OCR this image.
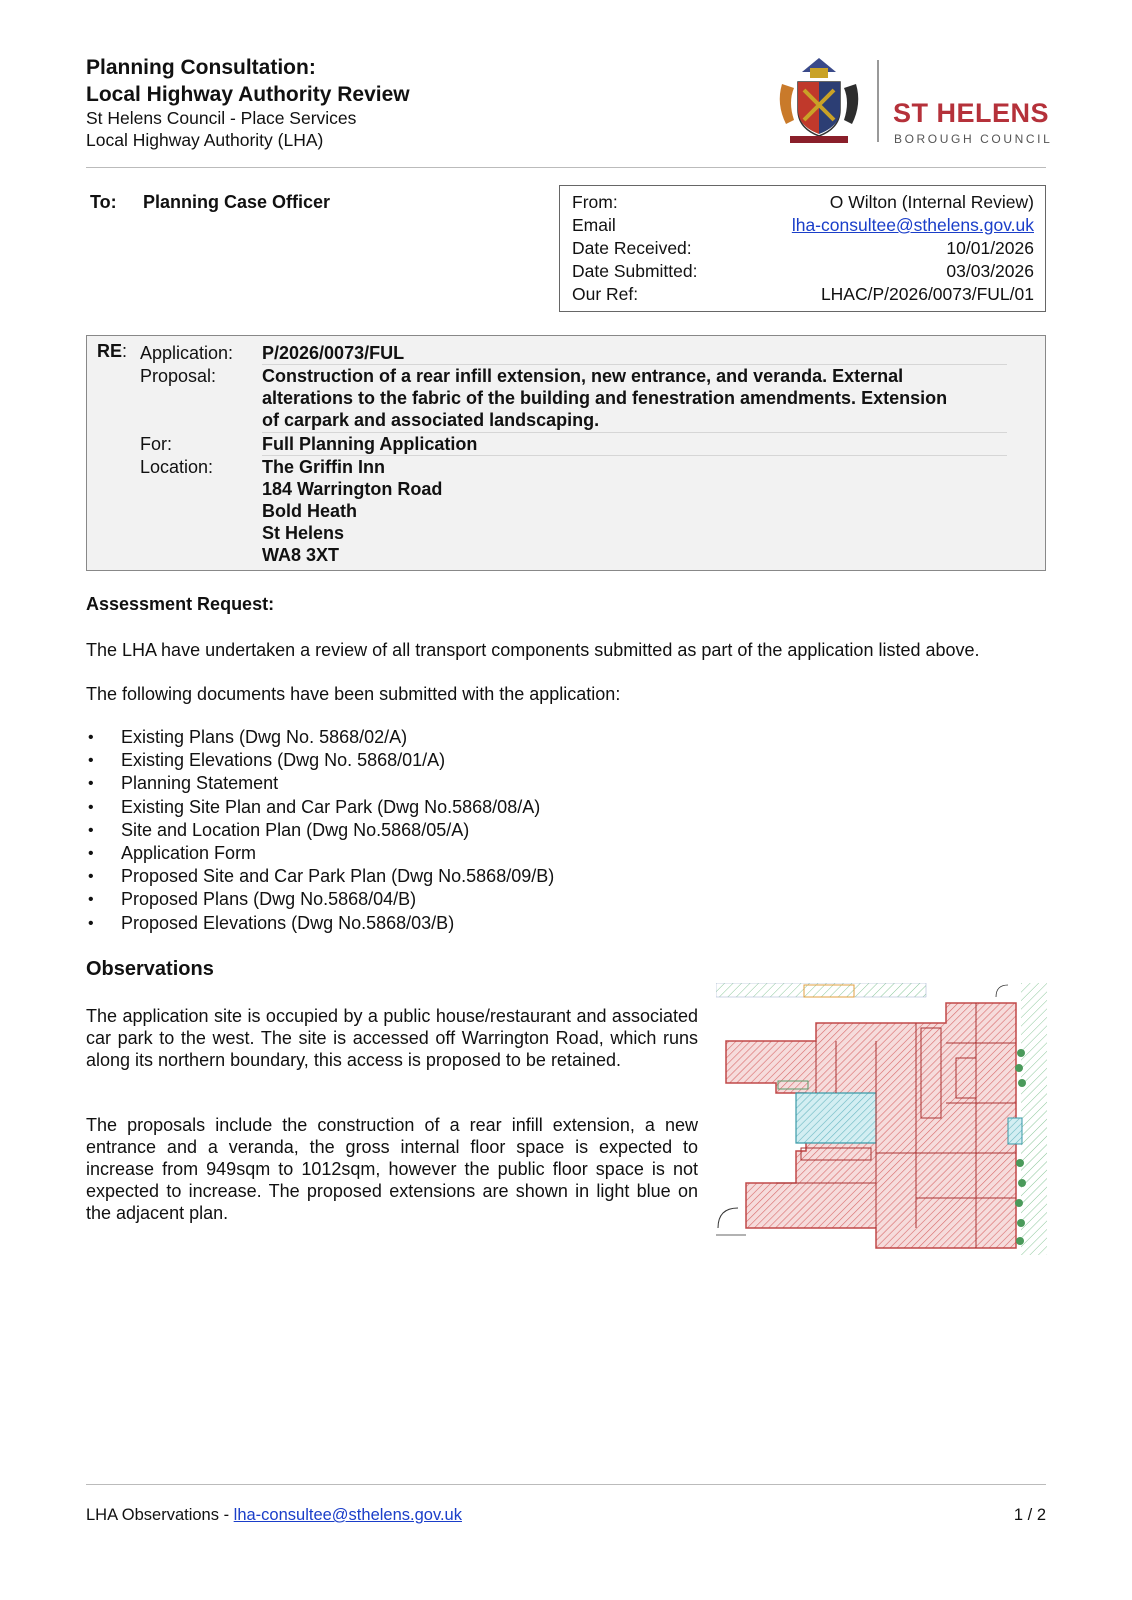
Planning Consultation:
Local Highway Authority Review
St Helens Council - Place Services
Local Highway Authority (LHA)
ST HELENS
BOROUGH COUNCIL
To: Planning Case Officer	From:	O Wilton (Internal Review)
Email	lha-consultee@sthelens.gov.uk
Date Received:	10/01/2026
Date Submitted:	03/03/2026
Our Ref:	LHAC/P/2026/0073/FUL/01
RE: Application: P/2026/0073/FUL
Proposal:	Construction of a rear infill extension, new entrance, and veranda. External
alterations to the fabric of the building and fenestration amendments. Extension
of carpark and associated landscaping.
For:	Full Planning Application
Location:	The Griffin Inn
184 Warrington Road
Bold Heath
St Helens
WA8 3XT
Assessment Request:
The LHA have undertaken a review of all transport components submitted as part of the application listed above.
The following documents have been submitted with the application:
• Existing Plans (Dwg No. 5868/02/A)
• Existing Elevations (Dwg No. 5868/01/A)
• Planning Statement
• Existing Site Plan and Car Park (Dwg No.5868/08/A)
• Site and Location Plan (Dwg No.5868/05/A)
• Application Form
• Proposed Site and Car Park Plan (Dwg No.5868/09/B)
• Proposed Plans (Dwg No.5868/04/B)
• Proposed Elevations (Dwg No.5868/03/B)
Observations
The application site is occupied by a public house/restaurant and associated car park to the west. The site is accessed off Warrington Road, which runs along its northern boundary, this access is proposed to be retained.
The proposals include the construction of a rear infill extension, a new entrance and a veranda, the gross internal floor space is expected to increase from 949sqm to 1012sqm, however the public floor space is not expected to increase. The proposed extensions are shown in light blue on the adjacent plan.
LHA Observations - lha-consultee@sthelens.gov.uk	1 / 2
